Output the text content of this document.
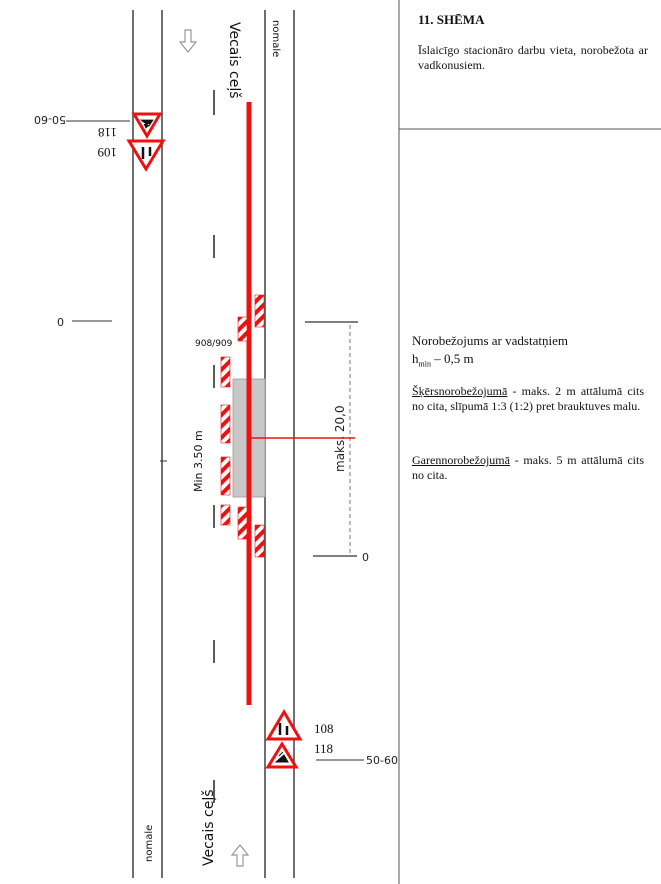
0
0
maks. 20,0
Min 3.50 m
908/909
Vecais ceļš
Vecais ceļš
nomale
nomale
118
109
50-60
108
118
50-60
11. SHĒMA
Īslaicīgo stacionāro darbu vieta, norobežota ar vadkonusiem.
Norobežojums ar vadstatņiem
$h_{min} - 0,5$ m
Šķērsnorobežojumā - maks. 2 m attālumā cits no cita, slīpumā 1:3 (1:2) pret brauktuves malu.
Garennorobežojumā - maks. 5 m attālumā cits no cita.
